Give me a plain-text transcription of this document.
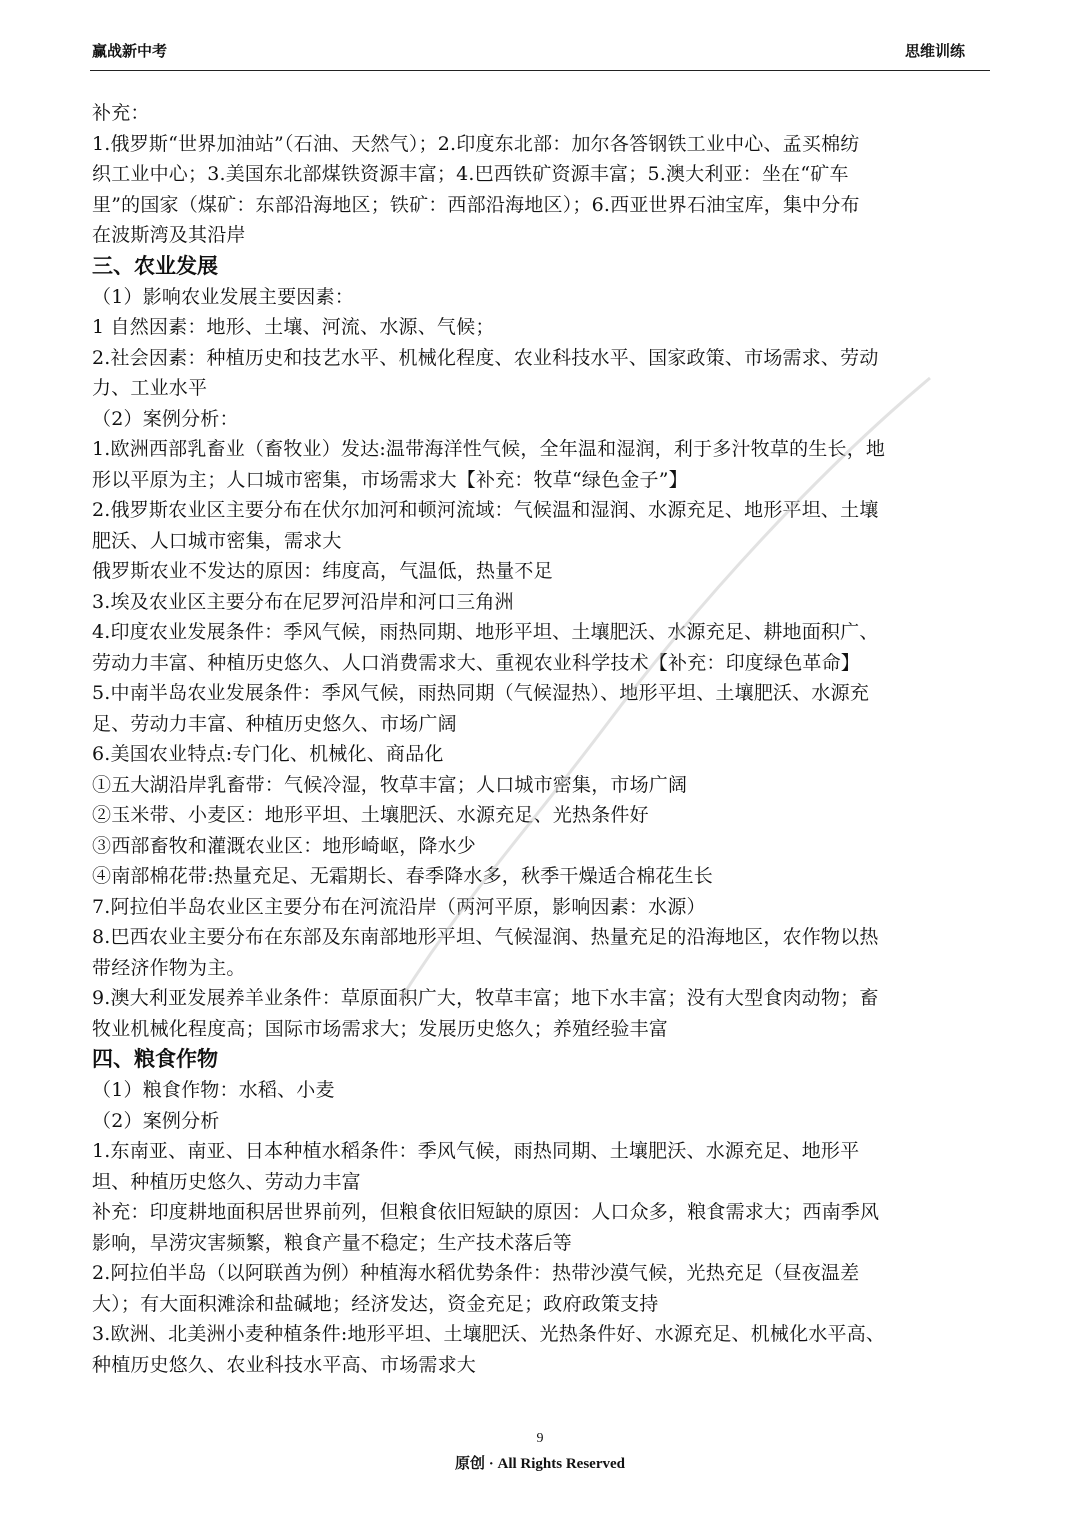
赢战新中考	思维训练
补充：
1.俄罗斯“世界加油站”（石油、天然气）；2.印度东北部：加尔各答钢铁工业中心、孟买棉纺
织工业中心；3.美国东北部煤铁资源丰富；4.巴西铁矿资源丰富；5.澳大利亚：坐在“矿车
里”的国家（煤矿：东部沿海地区；铁矿：西部沿海地区）；6.西亚世界石油宝库，集中分布
在波斯湾及其沿岸
三、农业发展
（1）影响农业发展主要因素：
1 自然因素：地形、土壤、河流、水源、气候；
2.社会因素：种植历史和技艺水平、机械化程度、农业科技水平、国家政策、市场需求、劳动
力、工业水平
（2）案例分析：
1.欧洲西部乳畜业（畜牧业）发达:温带海洋性气候，全年温和湿润，利于多汁牧草的生长，地
形以平原为主；人口城市密集，市场需求大【补充：牧草“绿色金子”】
2.俄罗斯农业区主要分布在伏尔加河和顿河流域：气候温和湿润、水源充足、地形平坦、土壤
肥沃、人口城市密集，需求大
俄罗斯农业不发达的原因：纬度高，气温低，热量不足
3.埃及农业区主要分布在尼罗河沿岸和河口三角洲
4.印度农业发展条件：季风气候，雨热同期、地形平坦、土壤肥沃、水源充足、耕地面积广、
劳动力丰富、种植历史悠久、人口消费需求大、重视农业科学技术【补充：印度绿色革命】
5.中南半岛农业发展条件：季风气候，雨热同期（气候湿热）、地形平坦、土壤肥沃、水源充
足、劳动力丰富、种植历史悠久、市场广阔
6.美国农业特点:专门化、机械化、商品化
①五大湖沿岸乳畜带：气候冷湿，牧草丰富；人口城市密集，市场广阔
②玉米带、小麦区：地形平坦、土壤肥沃、水源充足、光热条件好
③西部畜牧和灌溉农业区：地形崎岖，降水少
④南部棉花带:热量充足、无霜期长、春季降水多，秋季干燥适合棉花生长
7.阿拉伯半岛农业区主要分布在河流沿岸（两河平原，影响因素：水源）
8.巴西农业主要分布在东部及东南部地形平坦、气候湿润、热量充足的沿海地区，农作物以热
带经济作物为主。
9.澳大利亚发展养羊业条件：草原面积广大，牧草丰富；地下水丰富；没有大型食肉动物；畜
牧业机械化程度高；国际市场需求大；发展历史悠久；养殖经验丰富
四、粮食作物
（1）粮食作物：水稻、小麦
（2）案例分析
1.东南亚、南亚、日本种植水稻条件：季风气候，雨热同期、土壤肥沃、水源充足、地形平
坦、种植历史悠久、劳动力丰富
补充：印度耕地面积居世界前列，但粮食依旧短缺的原因：人口众多，粮食需求大；西南季风
影响，旱涝灾害频繁，粮食产量不稳定；生产技术落后等
2.阿拉伯半岛（以阿联酋为例）种植海水稻优势条件：热带沙漠气候，光热充足（昼夜温差
大）；有大面积滩涂和盐碱地；经济发达，资金充足；政府政策支持
3.欧洲、北美洲小麦种植条件:地形平坦、土壤肥沃、光热条件好、水源充足、机械化水平高、
种植历史悠久、农业科技水平高、市场需求大
9
原创 · All Rights Reserved
